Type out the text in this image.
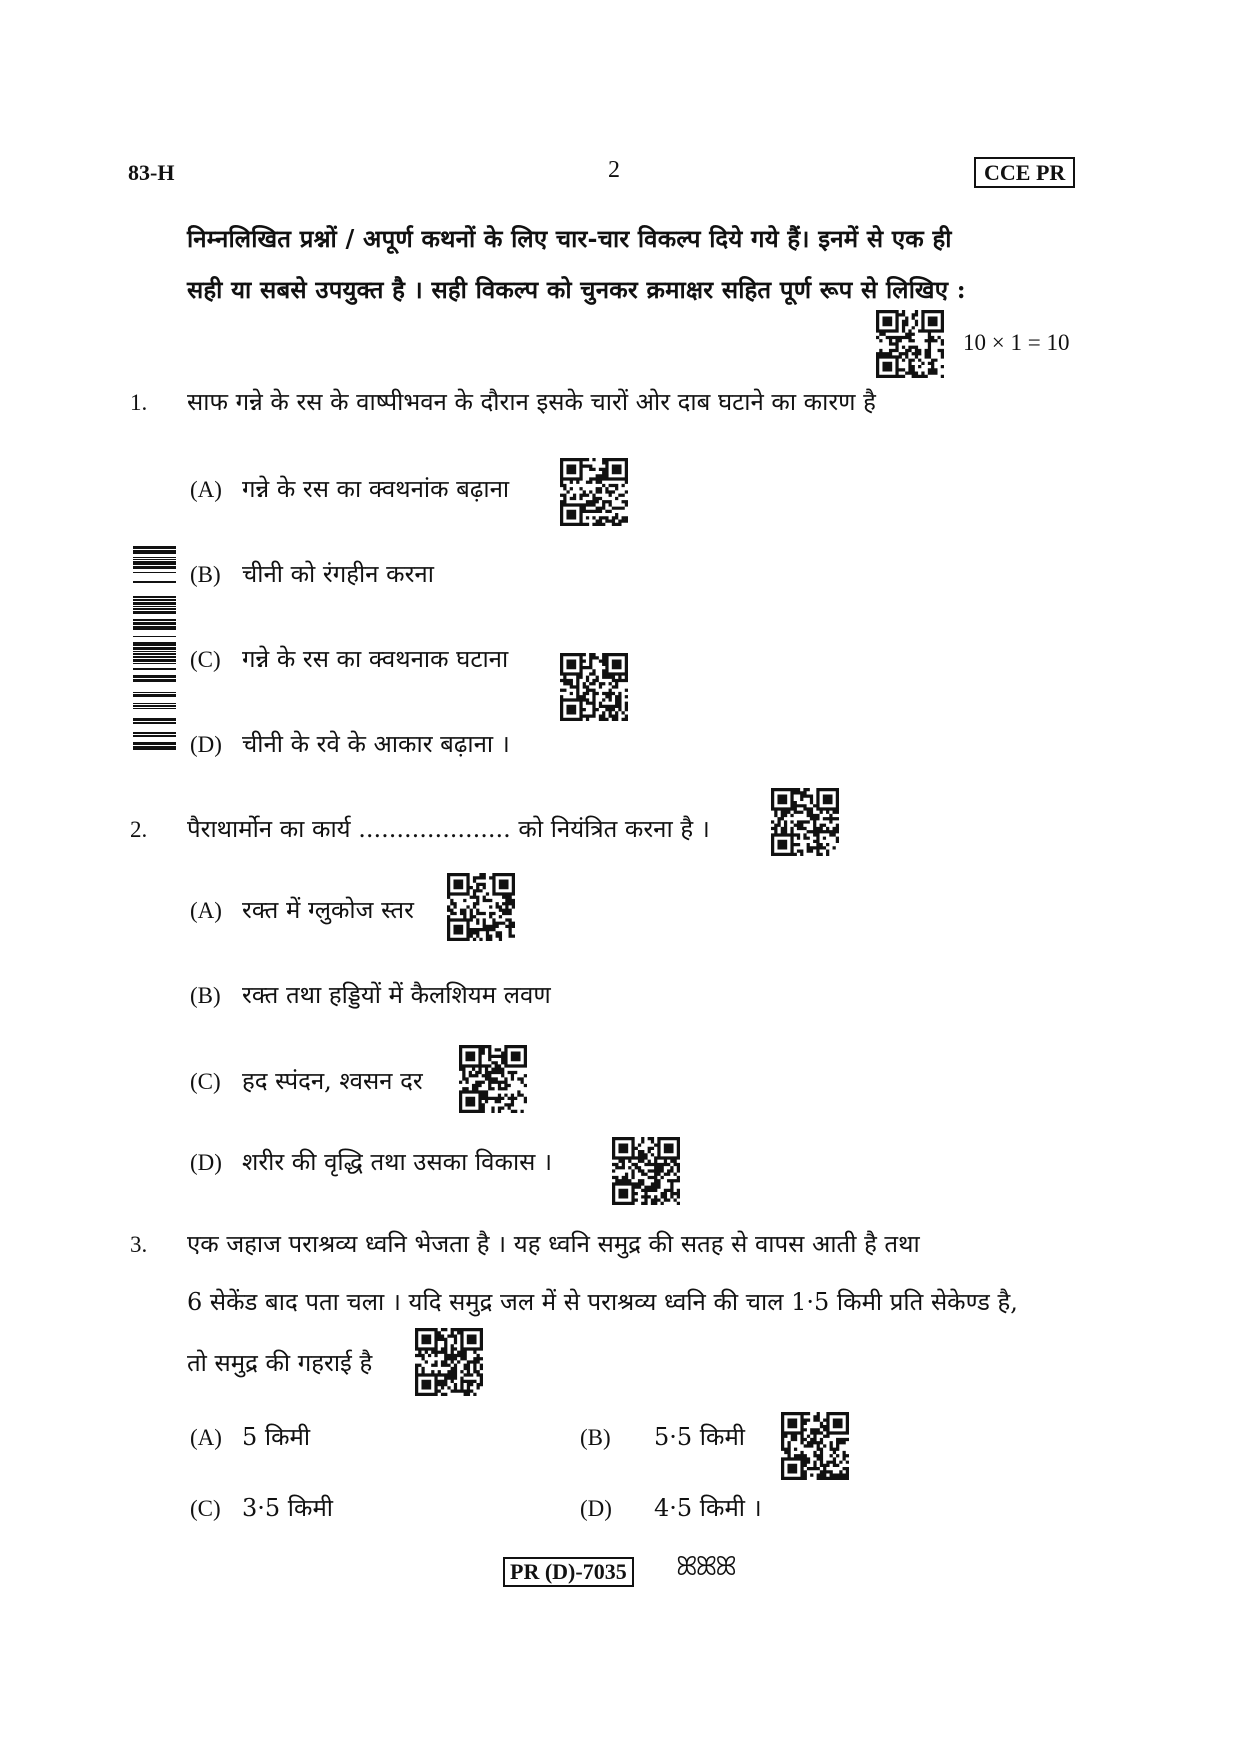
83-H	2	CCE PR
निम्नलिखित प्रश्नों / अपूर्ण कथनों के लिए चार-चार विकल्प दिये गये हैं। इनमें से एक ही
सही या सबसे उपयुक्त है । सही विकल्प को चुनकर क्रमाक्षर सहित पूर्ण रूप से लिखिए :
10 × 1 = 10
1. साफ गन्ने के रस के वाष्पीभवन के दौरान इसके चारों ओर दाब घटाने का कारण है
(A) गन्ने के रस का क्वथनांक बढ़ाना
(B) चीनी को रंगहीन करना
(C) गन्ने के रस का क्वथनाक घटाना
(D) चीनी के रवे के आकार बढ़ाना ।
2. पैराथार्मोन का कार्य .................... को नियंत्रित करना है ।
(A) रक्त में ग्लुकोज स्तर
(B) रक्त तथा हड्डियों में कैलशियम लवण
(C) हद स्पंदन, श्वसन दर
(D) शरीर की वृद्धि तथा उसका विकास ।
3. एक जहाज पराश्रव्य ध्वनि भेजता है । यह ध्वनि समुद्र की सतह से वापस आती है तथा
6 सेकेंड बाद पता चला । यदि समुद्र जल में से पराश्रव्य ध्वनि की चाल 1·5 किमी प्रति सेकेण्ड है,
तो समुद्र की गहराई है
(A) 5 किमी	(B) 5·5 किमी
(C) 3·5 किमी	(D) 4·5 किमी ।
PR (D)-7035 ꕤꕤꕤ
